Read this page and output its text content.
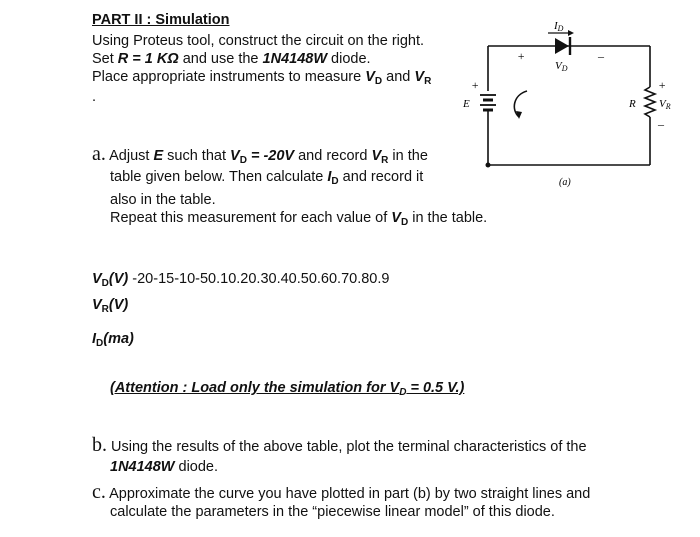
PART II : Simulation
Using Proteus tool, construct the circuit on the right.
Set R = 1 KΩ and use the 1N4148W diode.
Place appropriate instruments to measure $V_D$ and $V_R$
.
a. Adjust E such that $V_D = -20V$ and record $V_R$ in the
table given below. Then calculate $I_D$ and record it
also in the table.
Repeat this measurement for each value of $V_D$ in the table.
$V_D(V)$ -20-15-10-50.10.20.30.40.50.60.70.80.9
$V_R(V)$
$I_D(ma)$
(Attention : Load only the simulation for $V_D = 0.5$ V.)
b. Using the results of the above table, plot the terminal characteristics of the
1N4148W diode.
c. Approximate the curve you have plotted in part (b) by two straight lines and
calculate the parameters in the “piecewise linear model” of this diode.
ID
VD
+	–
E
+
R VR
+
–
(a)
